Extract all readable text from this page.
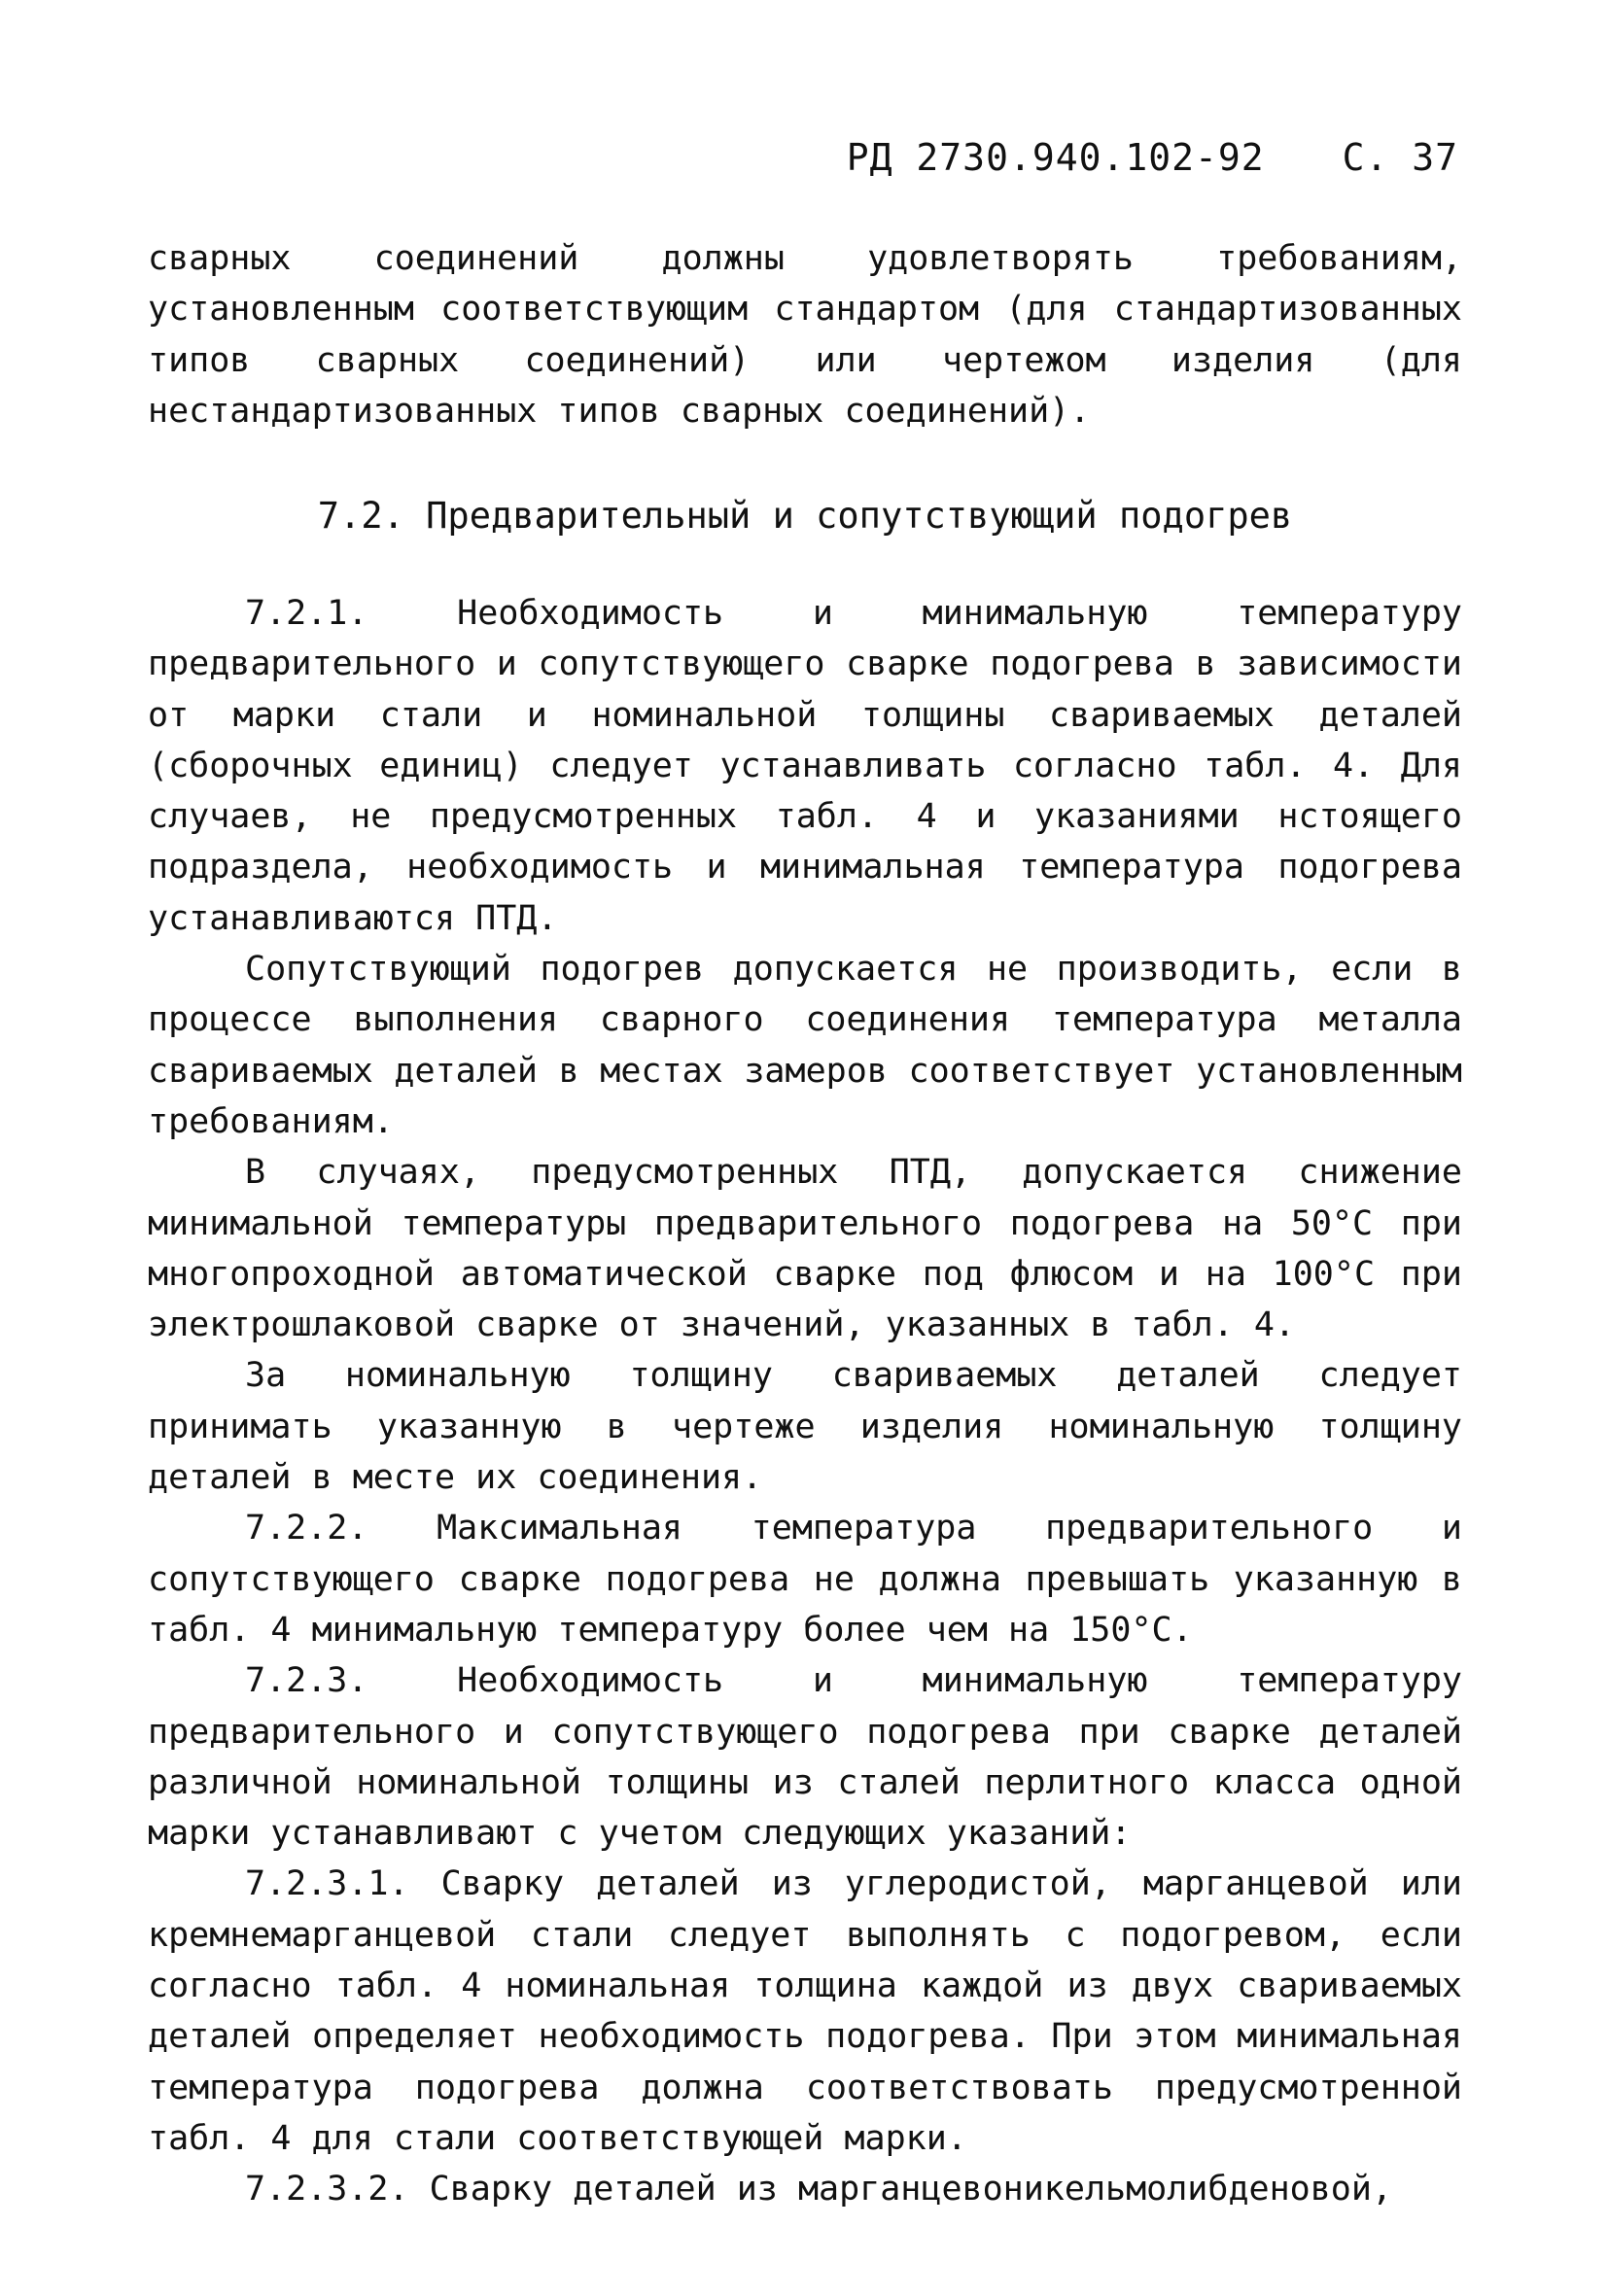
РД 2730.940.102-92 С. 37

сварных соединений должны удовлетворять требованиям, установленным соответствующим стандартом (для стандартизованных типов сварных соединений) или чертежом изделия (для нестандартизованных типов сварных соединений).

7.2. Предварительный и сопутствующий подогрев

7.2.1. Необходимость и минимальную температуру предварительного и сопутствующего сварке подогрева в зависимости от марки стали и номинальной толщины свариваемых деталей (сборочных единиц) следует устанавливать согласно табл. 4. Для случаев, не предусмотренных табл. 4 и указаниями нстоящего подраздела, необходимость и минимальная температура подогрева устанавливаются ПТД.

Сопутствующий подогрев допускается не производить, если в процессе выполнения сварного соединения температура металла свариваемых деталей в местах замеров соответствует установленным требованиям.

В случаях, предусмотренных ПТД, допускается снижение минимальной температуры предварительного подогрева на 50°С при многопроходной автоматической сварке под флюсом и на 100°С при электрошлаковой сварке от значений, указанных в табл. 4.

За номинальную толщину свариваемых деталей следует принимать указанную в чертеже изделия номинальную толщину деталей в месте их соединения.

7.2.2. Максимальная температура предварительного и сопутствующего сварке подогрева не должна превышать указанную в табл. 4 минимальную температуру более чем на 150°С.

7.2.3. Необходимость и минимальную температуру предварительного и сопутствующего подогрева при сварке деталей различной номинальной толщины из сталей перлитного класса одной марки устанавливают с учетом следующих указаний:

7.2.3.1. Сварку деталей из углеродистой, марганцевой или кремнемарганцевой стали следует выполнять с подогревом, если согласно табл. 4 номинальная толщина каждой из двух свариваемых деталей определяет необходимость подогрева. При этом минимальная температура подогрева должна соответствовать предусмотренной табл. 4 для стали соответствующей марки.

7.2.3.2. Сварку деталей из марганцевоникельмолибденовой,
